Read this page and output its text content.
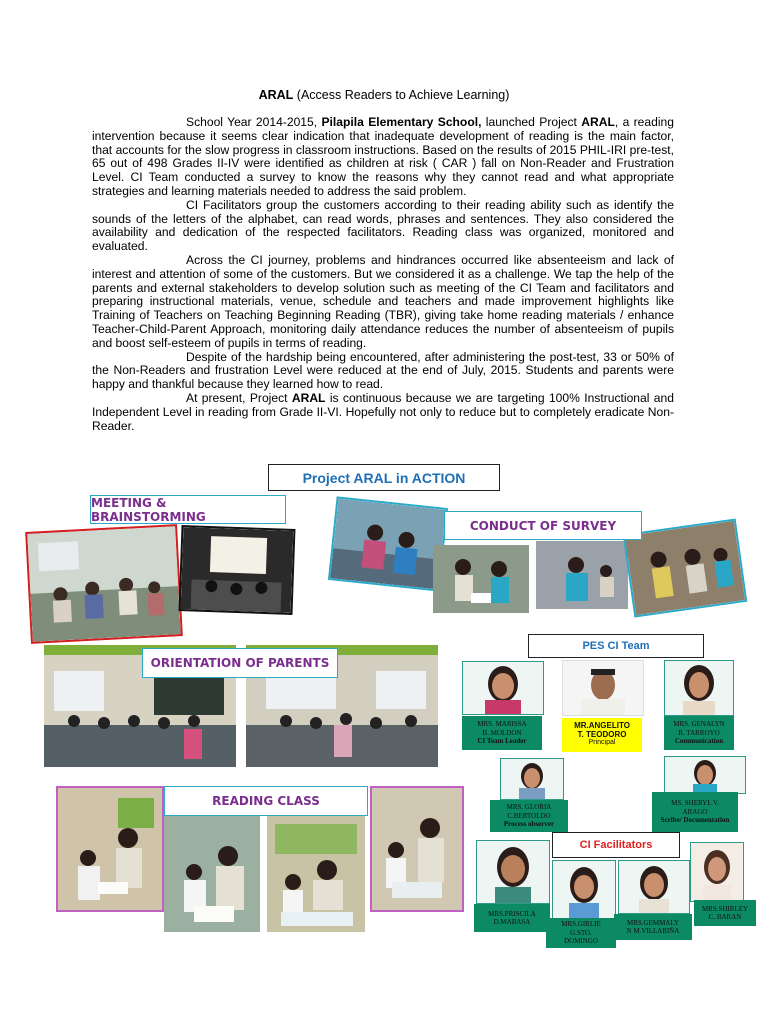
ARAL (Access Readers to Achieve Learning)

School Year 2014-2015, Pilapila Elementary School, launched Project ARAL, a reading intervention because it seems clear indication that inadequate development of reading is the main factor, that accounts for the slow progress in classroom instructions. Based on the results of 2015 PHIL-IRI pre-test, 65 out of 498 Grades II-IV were identified as children at risk ( CAR ) fall on Non-Reader and Frustration Level. CI Team conducted a survey to know the reasons why they cannot read and what appropriate strategies and learning materials needed to address the said problem.

CI Facilitators group the customers according to their reading ability such as identify the sounds of the letters of the alphabet, can read words, phrases and sentences. They also considered the availability and dedication of the respected facilitators. Reading class was organized, monitored and evaluated.

Across the CI journey, problems and hindrances occurred like absenteeism and lack of interest and attention of some of the customers. But we considered it as a challenge. We tap the help of the parents and external stakeholders to develop solution such as meeting of the CI Team and facilitators and preparing instructional materials, venue, schedule and teachers and made improvement highlights like Training of Teachers on Teaching Beginning Reading (TBR), giving take home reading materials / enhance Teacher-Child-Parent Approach, monitoring daily attendance reduces the number of absenteeism of pupils and boost self-esteem of pupils in terms of reading.

Despite of the hardship being encountered, after administering the post-test, 33 or 50% of the Non-Readers and frustration Level were reduced at the end of July, 2015. Students and parents were happy and thankful because they learned how to read.

At present, Project ARAL is continuous because we are targeting 100% Instructional and Independent Level in reading from Grade II-VI. Hopefully not only to reduce but to completely eradicate Non-Reader.

Project ARAL in ACTION
MEETING & BRAINSTORMING
CONDUCT OF SURVEY
ORIENTATION OF PARENTS
READING CLASS
PES CI Team
MRS. MARISSA
B. MOLDON
CI Team Leader
MR.ANGELITO
T. TEODORO
Principal
MRS. GENALYN
R. TARROYO
Communication
MRS. GLORIA
C.BERTOLDO
Process observer
MS. SHERYL V.
ARAGO
Scribe/ Documentation
CI Facilitators
MRS.PRISCILA
D.MABASA	MRS.GIRLIE
G.STO.
DOMINGO
MRS.GEMMALY
N M.VILLARIÑA
MRS.SHIRLEY
C. BARAN
